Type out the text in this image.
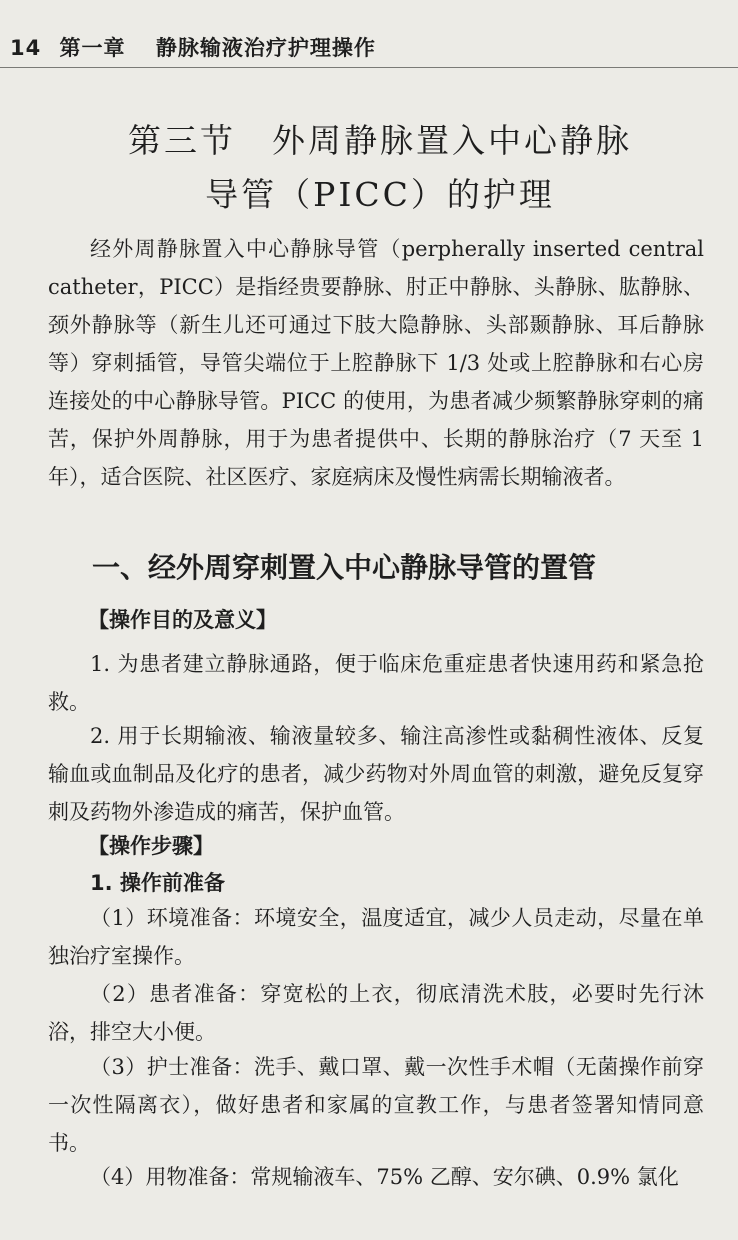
14 第一章 静脉输液治疗护理操作
第三节　外周静脉置入中心静脉
导管（PICC）的护理

经外周静脉置入中心静脉导管（perpherally inserted central catheter，PICC）是指经贵要静脉、肘正中静脉、头静脉、肱静脉、颈外静脉等（新生儿还可通过下肢大隐静脉、头部颞静脉、耳后静脉等）穿刺插管，导管尖端位于上腔静脉下 1/3 处或上腔静脉和右心房连接处的中心静脉导管。PICC 的使用，为患者减少频繁静脉穿刺的痛苦，保护外周静脉，用于为患者提供中、长期的静脉治疗（7 天至 1 年），适合医院、社区医疗、家庭病床及慢性病需长期输液者。

一、经外周穿刺置入中心静脉导管的置管
【操作目的及意义】

1. 为患者建立静脉通路，便于临床危重症患者快速用药和紧急抢救。

2. 用于长期输液、输液量较多、输注高渗性或黏稠性液体、反复输血或血制品及化疗的患者，减少药物对外周血管的刺激，避免反复穿刺及药物外渗造成的痛苦，保护血管。

【操作步骤】
1. 操作前准备

（1）环境准备：环境安全，温度适宜，减少人员走动，尽量在单独治疗室操作。

（2）患者准备：穿宽松的上衣，彻底清洗术肢，必要时先行沐浴，排空大小便。

（3）护士准备：洗手、戴口罩、戴一次性手术帽（无菌操作前穿一次性隔离衣），做好患者和家属的宣教工作，与患者签署知情同意书。

（4）用物准备：常规输液车、75% 乙醇、安尔碘、0.9% 氯化
